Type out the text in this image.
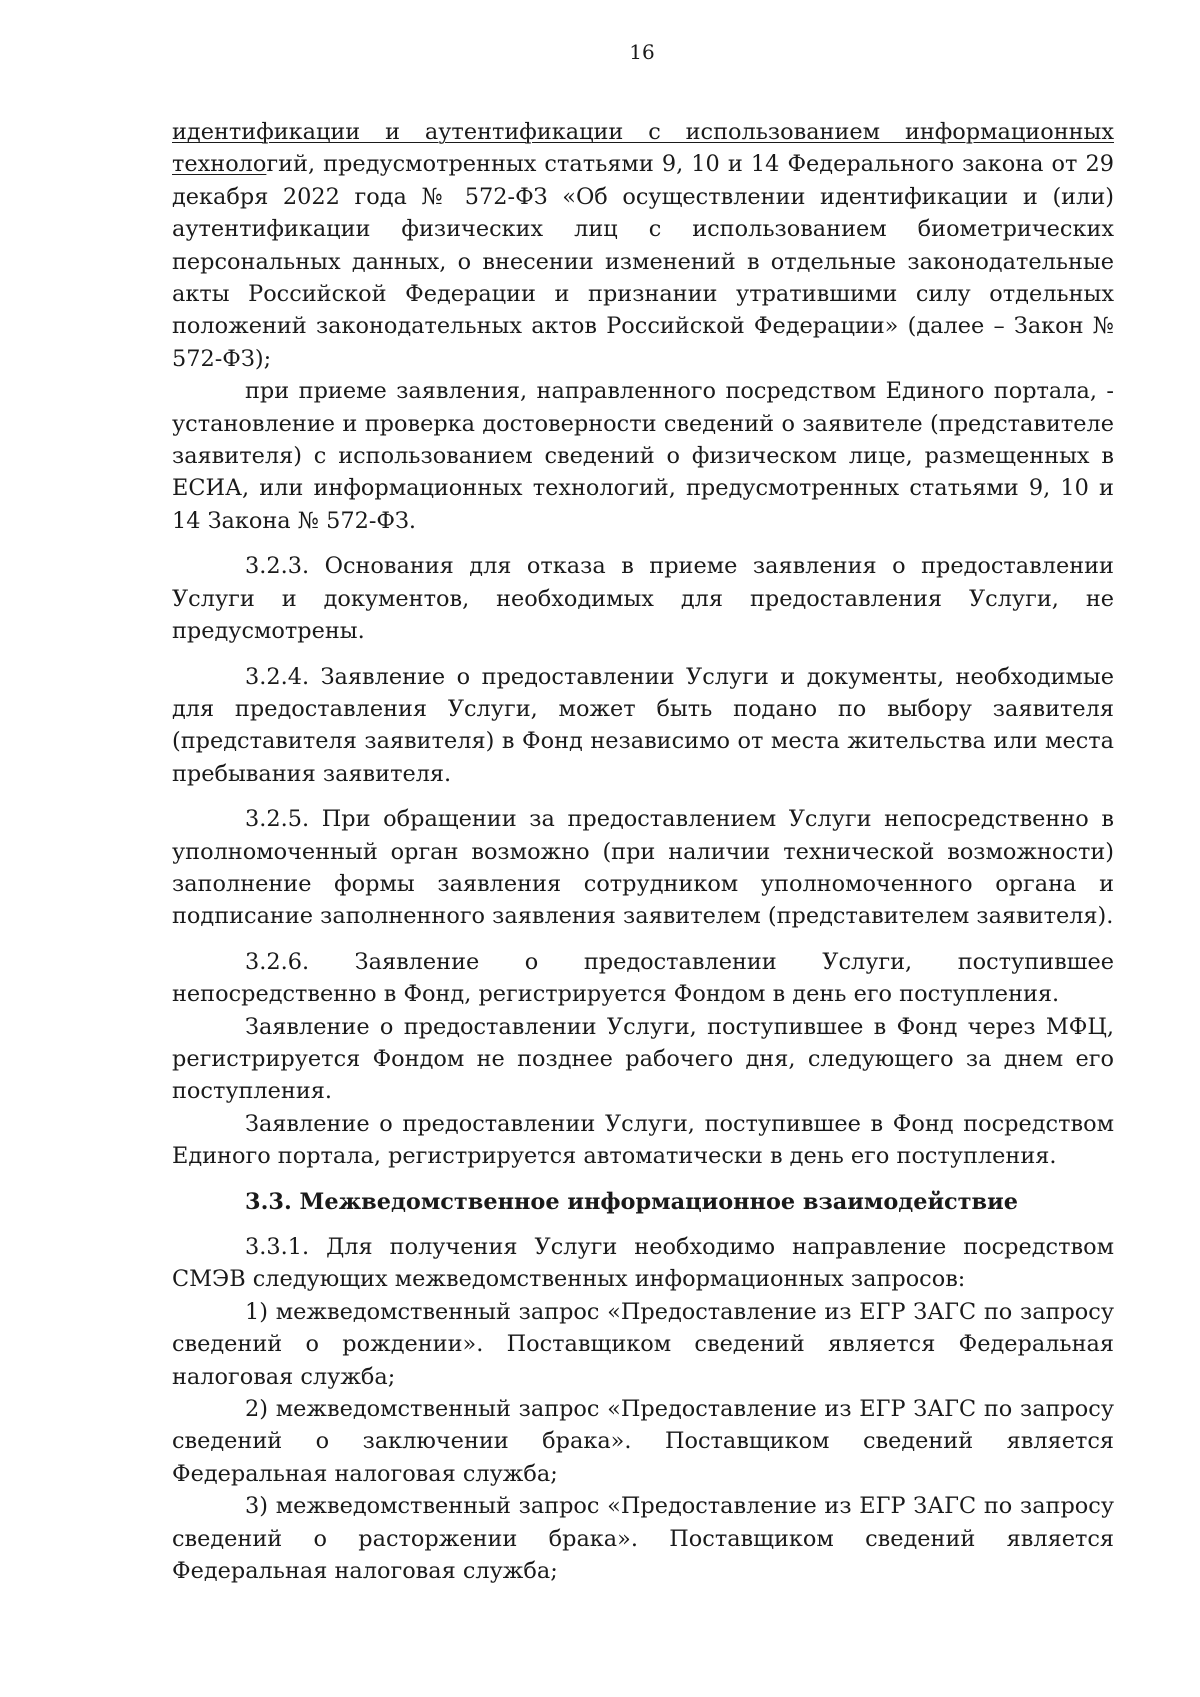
16

идентификации и аутентификации с использованием информационных технологий, предусмотренных статьями 9, 10 и 14 Федерального закона от 29 декабря 2022 года № 572-ФЗ «Об осуществлении идентификации и (или) аутентификации физических лиц с использованием биометрических персональных данных, о внесении изменений в отдельные законодательные акты Российской Федерации и признании утратившими силу отдельных положений законодательных актов Российской Федерации» (далее – Закон № 572-ФЗ);

при приеме заявления, направленного посредством Единого портала, - установление и проверка достоверности сведений о заявителе (представителе заявителя) с использованием сведений о физическом лице, размещенных в ЕСИА, или информационных технологий, предусмотренных статьями 9, 10 и 14 Закона № 572-ФЗ.

3.2.3. Основания для отказа в приеме заявления о предоставлении Услуги и документов, необходимых для предоставления Услуги, не предусмотрены.

3.2.4. Заявление о предоставлении Услуги и документы, необходимые для предоставления Услуги, может быть подано по выбору заявителя (представителя заявителя) в Фонд независимо от места жительства или места пребывания заявителя.

3.2.5. При обращении за предоставлением Услуги непосредственно в уполномоченный орган возможно (при наличии технической возможности) заполнение формы заявления сотрудником уполномоченного органа и подписание заполненного заявления заявителем (представителем заявителя).

3.2.6. Заявление о предоставлении Услуги, поступившее непосредственно в Фонд, регистрируется Фондом в день его поступления.

Заявление о предоставлении Услуги, поступившее в Фонд через МФЦ, регистрируется Фондом не позднее рабочего дня, следующего за днем его поступления.

Заявление о предоставлении Услуги, поступившее в Фонд посредством Единого портала, регистрируется автоматически в день его поступления.

3.3. Межведомственное информационное взаимодействие

3.3.1. Для получения Услуги необходимо направление посредством СМЭВ следующих межведомственных информационных запросов:

1) межведомственный запрос «Предоставление из ЕГР ЗАГС по запросу сведений о рождении». Поставщиком сведений является Федеральная налоговая служба;

2) межведомственный запрос «Предоставление из ЕГР ЗАГС по запросу сведений о заключении брака». Поставщиком сведений является Федеральная налоговая служба;

3) межведомственный запрос «Предоставление из ЕГР ЗАГС по запросу сведений о расторжении брака». Поставщиком сведений является Федеральная налоговая служба;
